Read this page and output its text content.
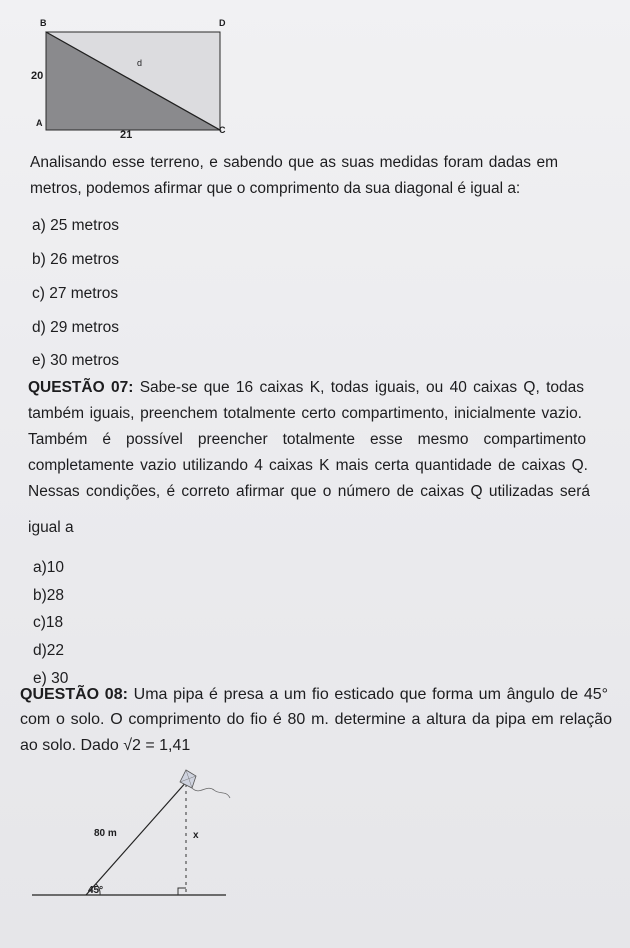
B	D
d
20
A
C
21
Analisando esse terreno, e sabendo que as suas medidas foram dadas em
metros, podemos afirmar que o comprimento da sua diagonal é igual a:
a) 25 metros
b) 26 metros
c) 27 metros
d) 29 metros
e) 30 metros
QUESTÃO 07: Sabe-se que 16 caixas K, todas iguais, ou 40 caixas Q, todas
também iguais, preenchem totalmente certo compartimento, inicialmente vazio.
Também é possível preencher totalmente esse mesmo compartimento
completamente vazio utilizando 4 caixas K mais certa quantidade de caixas Q.
Nessas condições, é correto afirmar que o número de caixas Q utilizadas será
igual a
a)10
b)28
c)18
d)22
e) 30
QUESTÃO 08: Uma pipa é presa a um fio esticado que forma um ângulo de 45°
com o solo. O comprimento do fio é 80 m. determine a altura da pipa em relação
ao solo. Dado √2 = 1,41
80 m	x
45°
